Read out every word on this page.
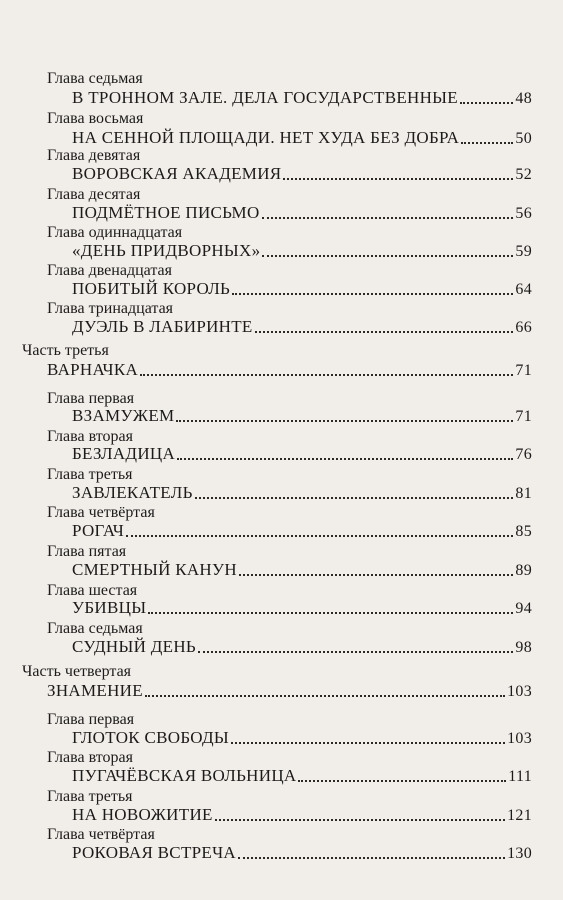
Глава седьмая
В ТРОННОМ ЗАЛЕ. ДЕЛА ГОСУДАРСТВЕННЫЕ	48
Глава восьмая
НА СЕННОЙ ПЛОЩАДИ. НЕТ ХУДА БЕЗ ДОБРА	50
Глава девятая
ВОРОВСКАЯ АКАДЕМИЯ	52
Глава десятая
ПОДМЁТНОЕ ПИСЬМО	56
Глава одиннадцатая
«ДЕНЬ ПРИДВОРНЫХ»	59
Глава двенадцатая
ПОБИТЫЙ КОРОЛЬ	64
Глава тринадцатая
ДУЭЛЬ В ЛАБИРИНТЕ	66
Часть третья
ВАРНАЧКА	71
Глава первая
ВЗАМУЖЕМ	71
Глава вторая
БЕЗЛАДИЦА	76
Глава третья
ЗАВЛЕКАТЕЛЬ	81
Глава четвёртая
РОГАЧ	85
Глава пятая
СМЕРТНЫЙ КАНУН	89
Глава шестая
УБИВЦЫ	94
Глава седьмая
СУДНЫЙ ДЕНЬ	98
Часть четвертая
ЗНАМЕНИЕ	103
Глава первая
ГЛОТОК СВОБОДЫ	103
Глава вторая
ПУГАЧЁВСКАЯ ВОЛЬНИЦА	111
Глава третья
НА НОВОЖИТИЕ	121
Глава четвёртая
РОКОВАЯ ВСТРЕЧА	130
